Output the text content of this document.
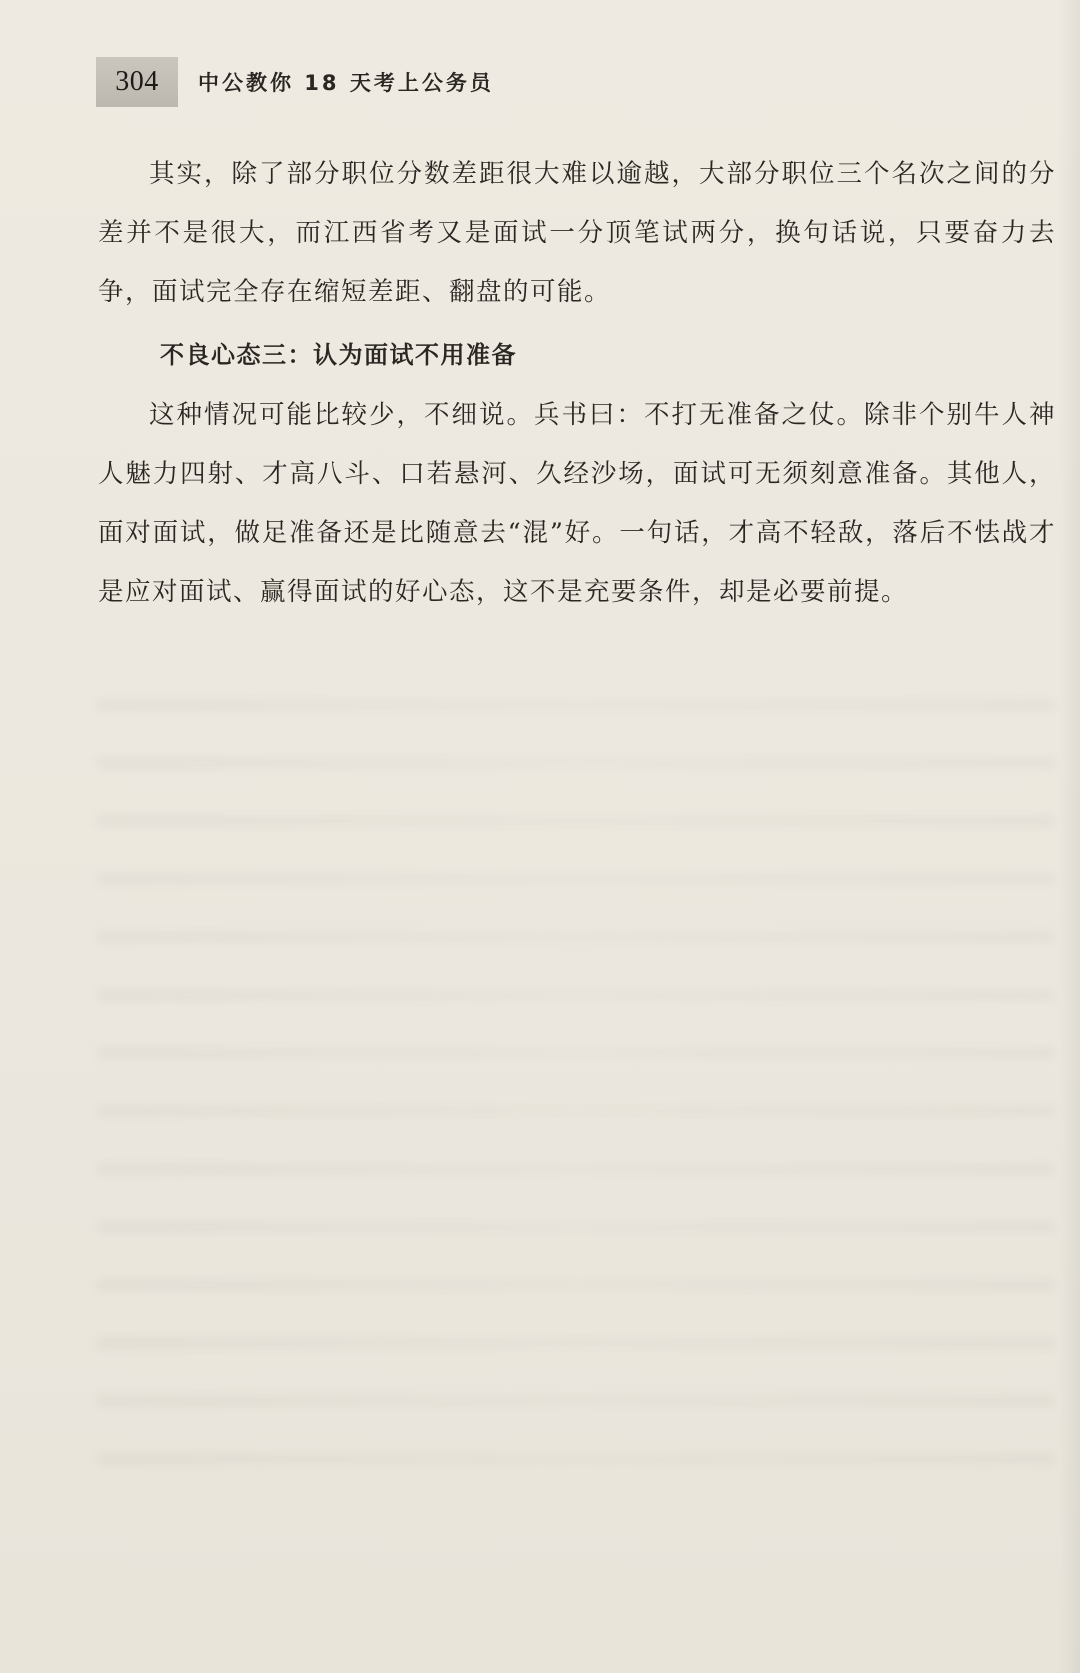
304	中公教你 18 天考上公务员

其实，除了部分职位分数差距很大难以逾越，大部分职位三个名次之间的分差并不是很大，而江西省考又是面试一分顶笔试两分，换句话说，只要奋力去争，面试完全存在缩短差距、翻盘的可能。

不良心态三：认为面试不用准备

这种情况可能比较少，不细说。兵书曰：不打无准备之仗。除非个别牛人神人魅力四射、才高八斗、口若悬河、久经沙场，面试可无须刻意准备。其他人，面对面试，做足准备还是比随意去“混”好。一句话，才高不轻敌，落后不怯战才是应对面试、赢得面试的好心态，这不是充要条件，却是必要前提。
